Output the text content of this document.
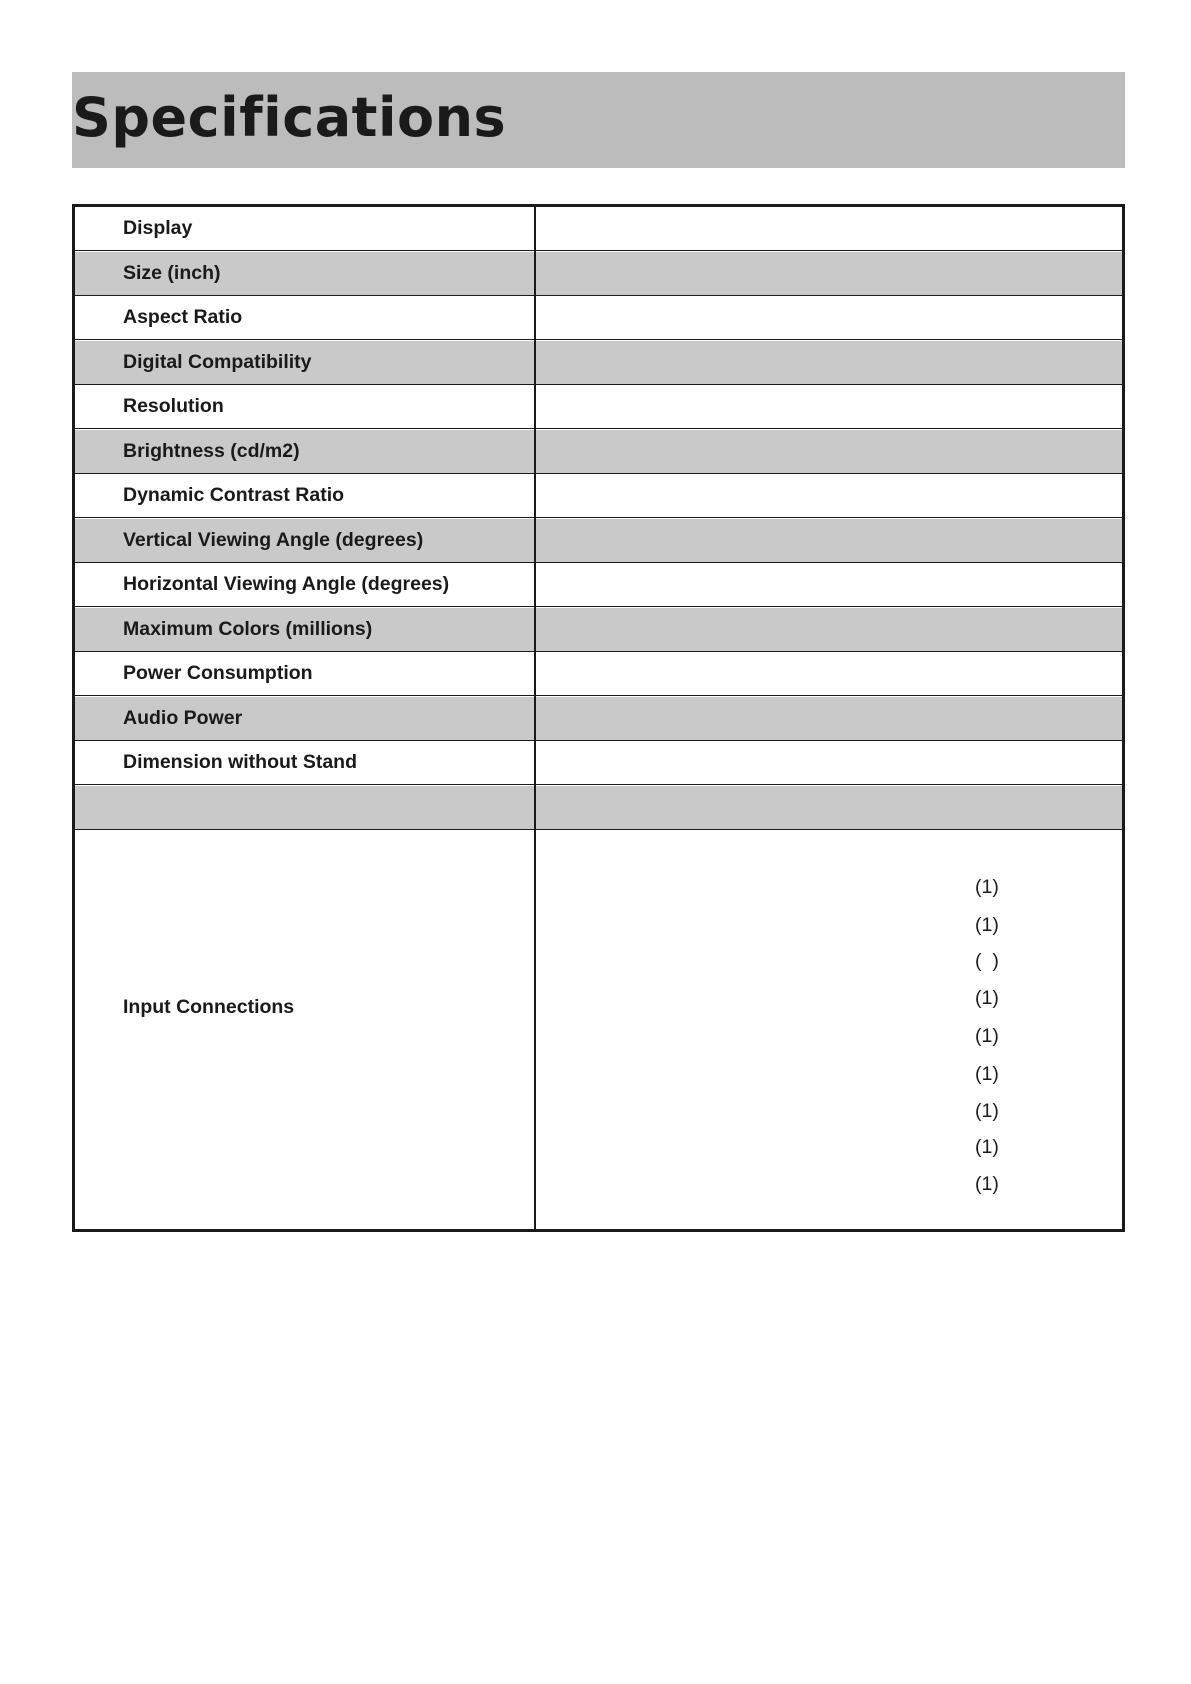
Specifications
Display
Size (inch)
Aspect Ratio
Digital Compatibility
Resolution
Brightness (cd/m2)
Dynamic Contrast Ratio
Vertical Viewing Angle (degrees)
Horizontal Viewing Angle (degrees)
Maximum Colors (millions)
Power Consumption
Audio Power
Dimension without Stand
Input Connections
(1)
(1)
(  )
(1)
(1)
(1)
(1)
(1)
(1)
